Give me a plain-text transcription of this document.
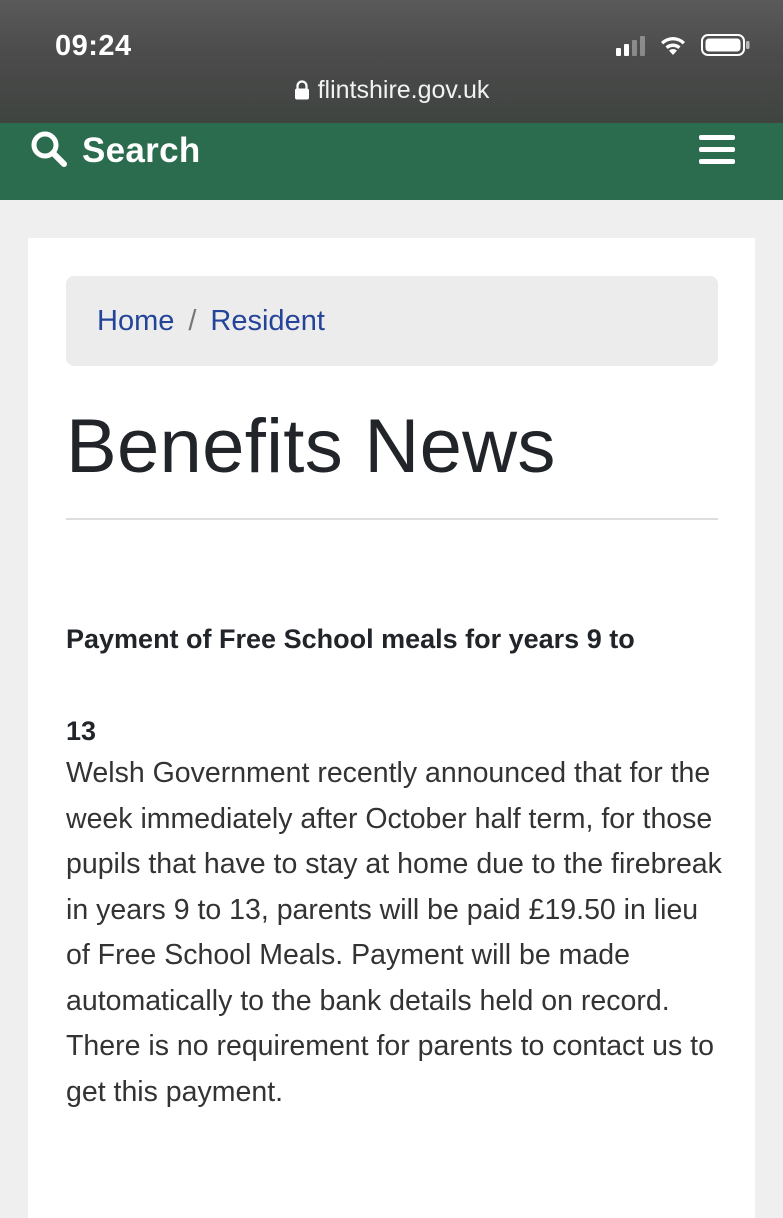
09:24
flintshire.gov.uk
Search
Home / Resident
Benefits News
Payment of Free School meals for years 9 to
13

Welsh Government recently announced that for the week immediately after October half term, for those pupils that have to stay at home due to the firebreak in years 9 to 13, parents will be paid £19.50 in lieu of Free School Meals. Payment will be made automatically to the bank details held on record. There is no requirement for parents to contact us to get this payment.
